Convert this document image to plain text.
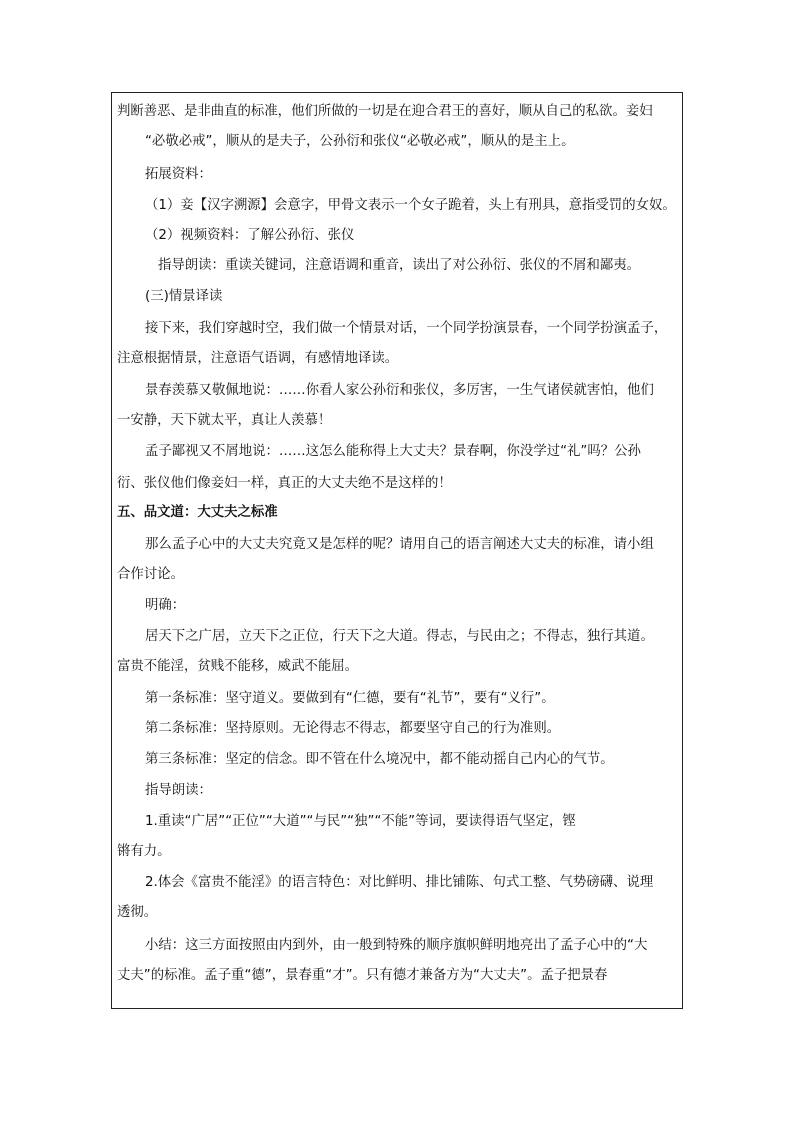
判断善恶、是非曲直的标准，他们所做的一切是在迎合君王的喜好，顺从自己的私欲。妾妇
“必敬必戒”，顺从的是夫子，公孙衍和张仪“必敬必戒”，顺从的是主上。
拓展资料：
（1）妾【汉字溯源】会意字，甲骨文表示一个女子跪着，头上有刑具，意指受罚的女奴。
（2）视频资料：了解公孙衍、张仪
指导朗读：重读关键词，注意语调和重音，读出了对公孙衍、张仪的不屑和鄙夷。
(三)情景译读
接下来，我们穿越时空，我们做一个情景对话，一个同学扮演景春，一个同学扮演孟子，
注意根据情景，注意语气语调，有感情地译读。
景春羡慕又敬佩地说：……你看人家公孙衍和张仪，多厉害，一生气诸侯就害怕，他们
一安静，天下就太平，真让人羡慕！
孟子鄙视又不屑地说：……这怎么能称得上大丈夫？景春啊，你没学过“礼”吗？公孙
衍、张仪他们像妾妇一样，真正的大丈夫绝不是这样的！
五、品文道：大丈夫之标准
那么孟子心中的大丈夫究竟又是怎样的呢？请用自己的语言阐述大丈夫的标准，请小组
合作讨论。
明确：
居天下之广居，立天下之正位，行天下之大道。得志，与民由之；不得志，独行其道。
富贵不能淫，贫贱不能移，威武不能屈。
第一条标准：坚守道义。要做到有“仁德，要有“礼节”，要有“义行”。
第二条标准：坚持原则。无论得志不得志，都要坚守自己的行为准则。
第三条标准：坚定的信念。即不管在什么境况中，都不能动摇自己内心的气节。
指导朗读：
1.重读“广居”“正位”“大道”“与民”“独”“不能”等词，要读得语气坚定，铿
锵有力。
2.体会《富贵不能淫》的语言特色：对比鲜明、排比铺陈、句式工整、气势磅礴、说理
透彻。
小结：这三方面按照由内到外，由一般到特殊的顺序旗帜鲜明地亮出了孟子心中的“大
丈夫”的标准。孟子重“德”，景春重“才”。只有德才兼备方为“大丈夫”。孟子把景春
